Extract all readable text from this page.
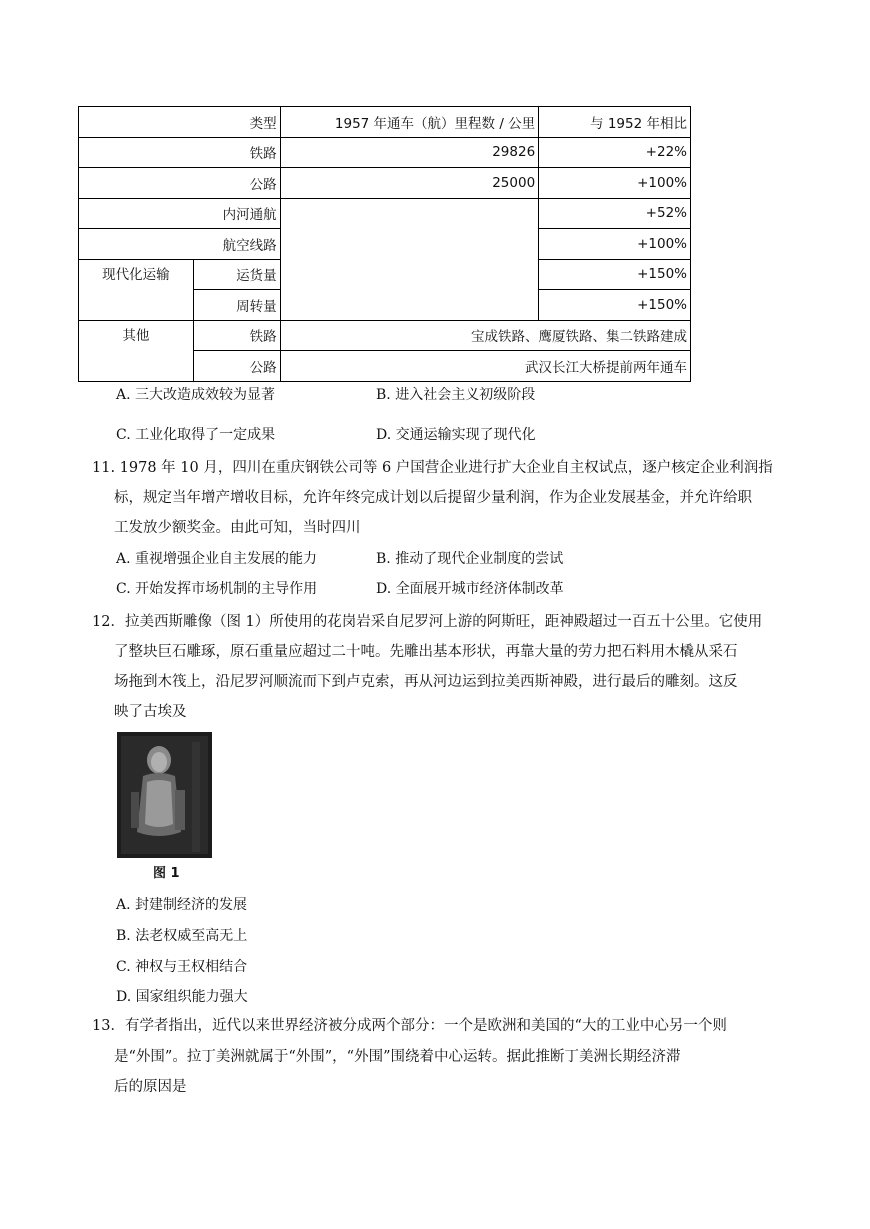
类型		1957 年通车（航）里程数 / 公里	与 1952 年相比
铁路		29826	+22%
公路		25000	+100%
内河通航			+52%
航空线路			+100%
现代化运输	运货量		+150%
	周转量		+150%
其他	铁路	宝成铁路、鹰厦铁路、集二铁路建成	
	公路	武汉长江大桥提前两年通车	
A. 三大改造成效较为显著	B. 进入社会主义初级阶段
C. 工业化取得了一定成果	D. 交通运输实现了现代化
11. 1978 年 10 月，四川在重庆钢铁公司等 6 户国营企业进行扩大企业自主权试点，逐户核定企业利润指
标，规定当年增产增收目标，允许年终完成计划以后提留少量利润，作为企业发展基金，并允许给职
工发放少额奖金。由此可知，当时四川
A. 重视增强企业自主发展的能力	B. 推动了现代企业制度的尝试
C. 开始发挥市场机制的主导作用	D. 全面展开城市经济体制改革
12．拉美西斯雕像（图 1）所使用的花岗岩采自尼罗河上游的阿斯旺，距神殿超过一百五十公里。它使用
了整块巨石雕琢，原石重量应超过二十吨。先雕出基本形状，再靠大量的劳力把石料用木橇从采石
场拖到木筏上，沿尼罗河顺流而下到卢克索，再从河边运到拉美西斯神殿，进行最后的雕刻。这反
映了古埃及
图 1
A. 封建制经济的发展
B. 法老权威至高无上
C. 神权与王权相结合
D. 国家组织能力强大
13．有学者指出，近代以来世界经济被分成两个部分：一个是欧洲和美国的“大的工业中心另一个则
是“外围”。拉丁美洲就属于“外围”，“外围”围绕着中心运转。据此推断丁美洲长期经济滞
后的原因是
